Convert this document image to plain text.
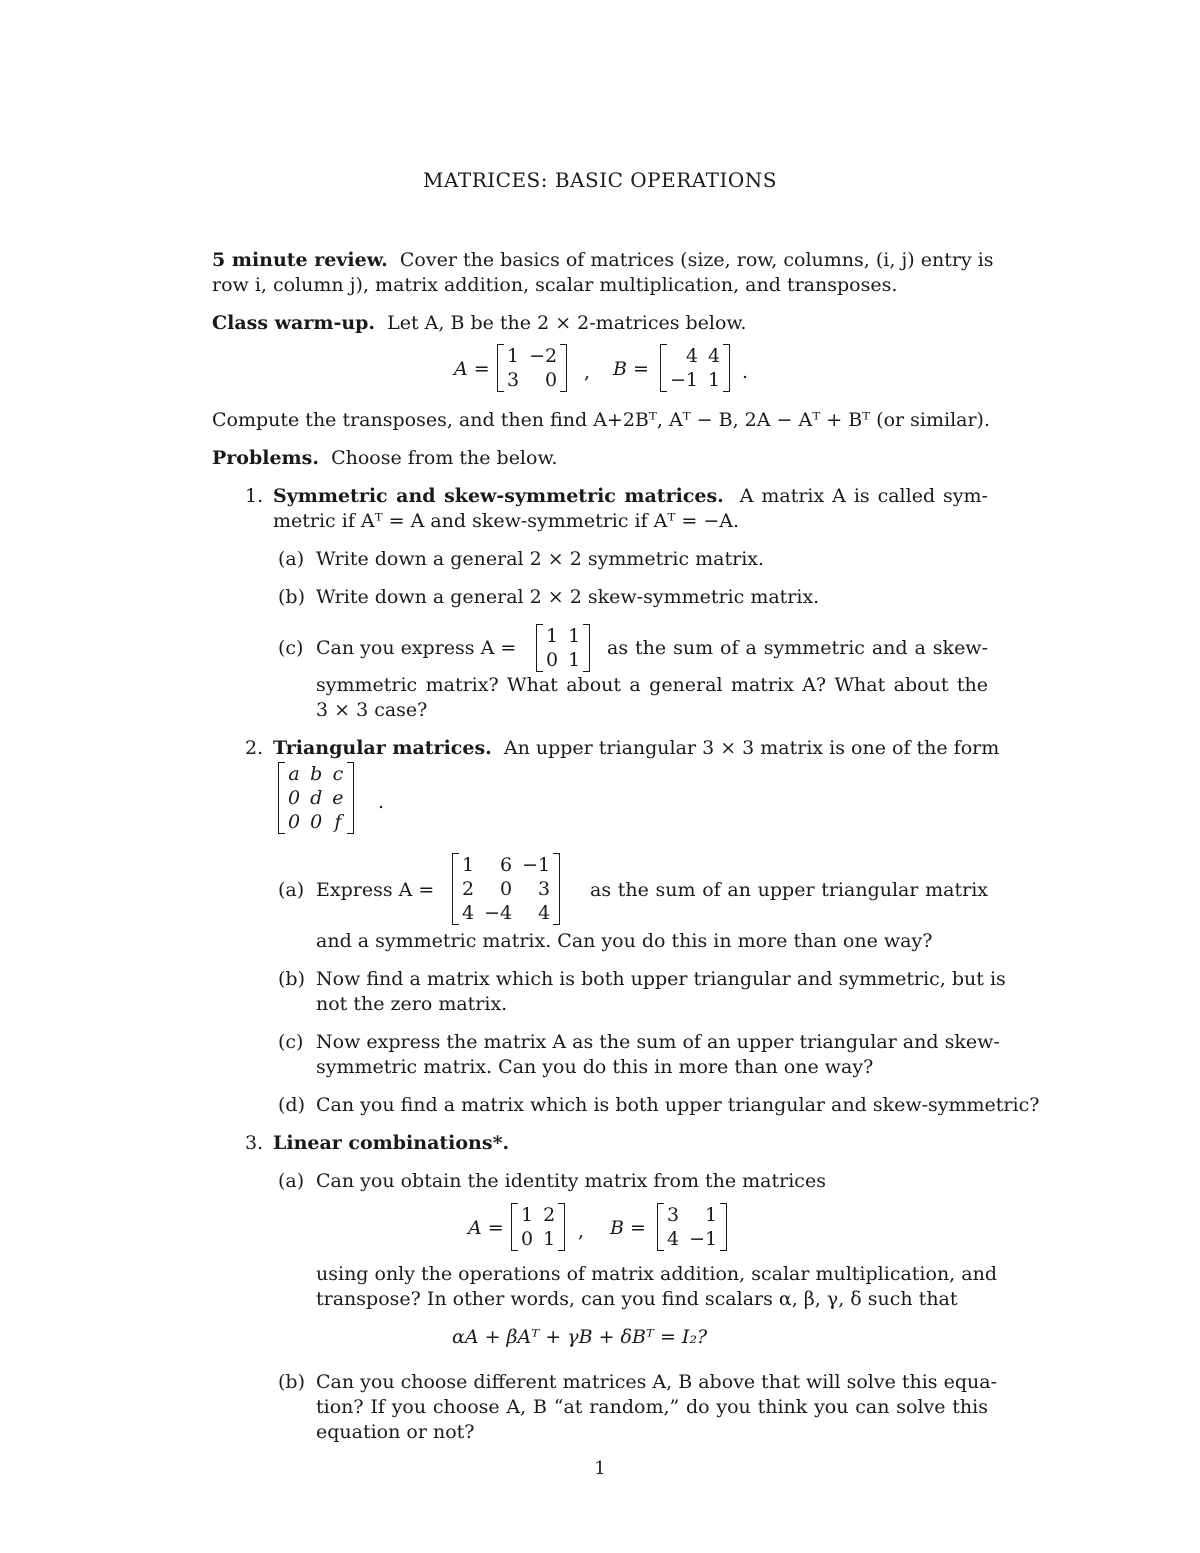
MATRICES: BASIC OPERATIONS
5 minute review. Cover the basics of matrices (size, row, columns, (i, j) entry is
row i, column j), matrix addition, scalar multiplication, and transposes.
Class warm-up. Let A, B be the 2 × 2-matrices below.
A =
1	−2
3	0 , B =
4	4
−1	1 .
Compute the transposes, and then find A+2Bᵀ, Aᵀ − B, 2A − Aᵀ + Bᵀ (or similar).
Problems. Choose from the below.
1. Symmetric and skew-symmetric matrices. A matrix A is called sym-
metric if Aᵀ = A and skew-symmetric if Aᵀ = −A.
(a) Write down a general 2 × 2 symmetric matrix.
(b) Write down a general 2 × 2 skew-symmetric matrix.
(c) Can you express A =
1	1
0	1
as the sum of a symmetric and a skew-
symmetric matrix? What about a general matrix A? What about the
3 × 3 case?
2. Triangular matrices. An upper triangular 3 × 3 matrix is one of the form
a	b	c
0	d	e
0	0	f
.
(a) Express A =
1	6	−1
2	0	3
4	−4	4
as the sum of an upper triangular matrix
and a symmetric matrix. Can you do this in more than one way?
(b) Now find a matrix which is both upper triangular and symmetric, but is
not the zero matrix.
(c) Now express the matrix A as the sum of an upper triangular and skew-
symmetric matrix. Can you do this in more than one way?
(d) Can you find a matrix which is both upper triangular and skew-symmetric?
3. Linear combinations*.
(a) Can you obtain the identity matrix from the matrices
A =
1	2
0	1 , B =
3	1
4	−1
using only the operations of matrix addition, scalar multiplication, and
transpose? In other words, can you find scalars α, β, γ, δ such that
αA + βAᵀ + γB + δBᵀ = I₂?
(b) Can you choose different matrices A, B above that will solve this equa-
tion? If you choose A, B “at random,” do you think you can solve this
equation or not?
1
